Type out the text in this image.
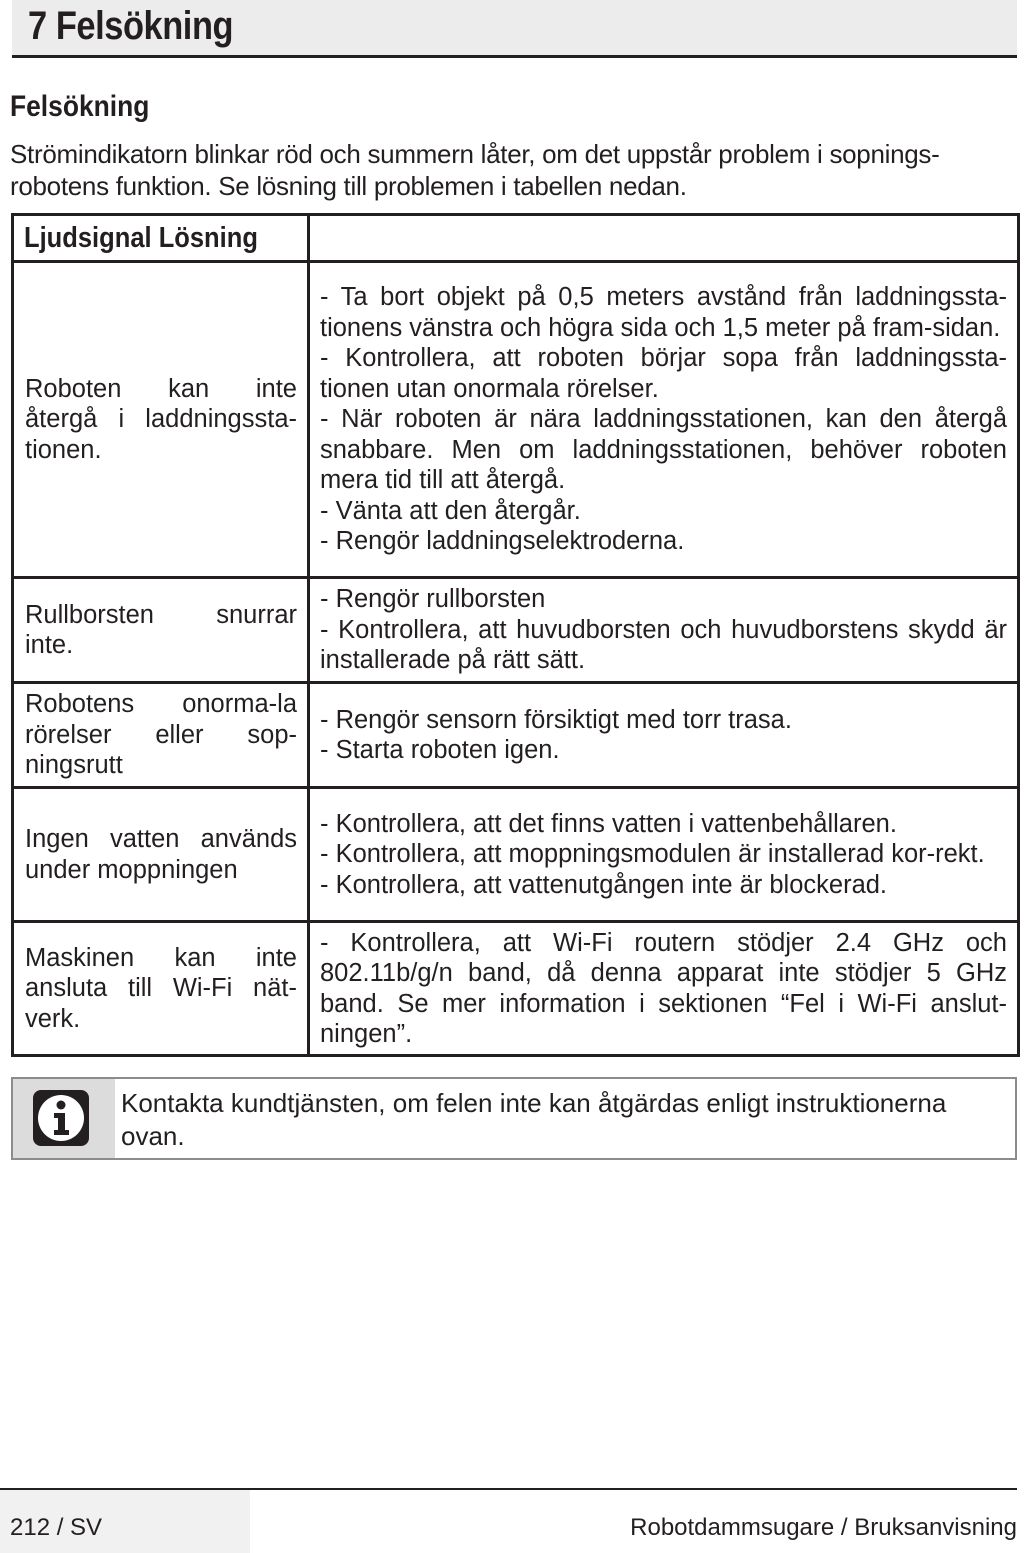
7 Felsökning
Felsökning
Strömindikatorn blinkar röd och summern låter, om det uppstår problem i sopnings-robotens funktion. Se lösning till problemen i tabellen nedan.
Ljudsignal Lösning	
Roboten kan inte återgå i laddningssta-tionen.	- Ta bort objekt på 0,5 meters avstånd från laddningssta-tionens vänstra och högra sida och 1,5 meter på fram-sidan.
- Kontrollera, att roboten börjar sopa från laddningssta-tionen utan onormala rörelser.
- När roboten är nära laddningsstationen, kan den återgå snabbare. Men om laddningsstationen, behöver roboten mera tid till att återgå.
- Vänta att den återgår.
- Rengör laddningselektroderna.

Rullborsten snurrar inte.	- Rengör rullborsten
- Kontrollera, att huvudborsten och huvudborstens skydd är installerade på rätt sätt.

Robotens onorma-la rörelser eller sop-ningsrutt	- Rengör sensorn försiktigt med torr trasa.
- Starta roboten igen.

Ingen vatten används under moppningen	- Kontrollera, att det finns vatten i vattenbehållaren.
- Kontrollera, att moppningsmodulen är installerad kor-rekt.
- Kontrollera, att vattenutgången inte är blockerad.

Maskinen kan inte ansluta till Wi-Fi nät-verk.	- Kontrollera, att Wi-Fi routern stödjer 2.4 GHz och 802.11b/g/n band, då denna apparat inte stödjer 5 GHz band. Se mer information i sektionen “Fel i Wi-Fi anslut-ningen”.
Kontakta kundtjänsten, om felen inte kan åtgärdas enligt instruktionerna ovan.
212 / SV	Robotdammsugare / Bruksanvisning
